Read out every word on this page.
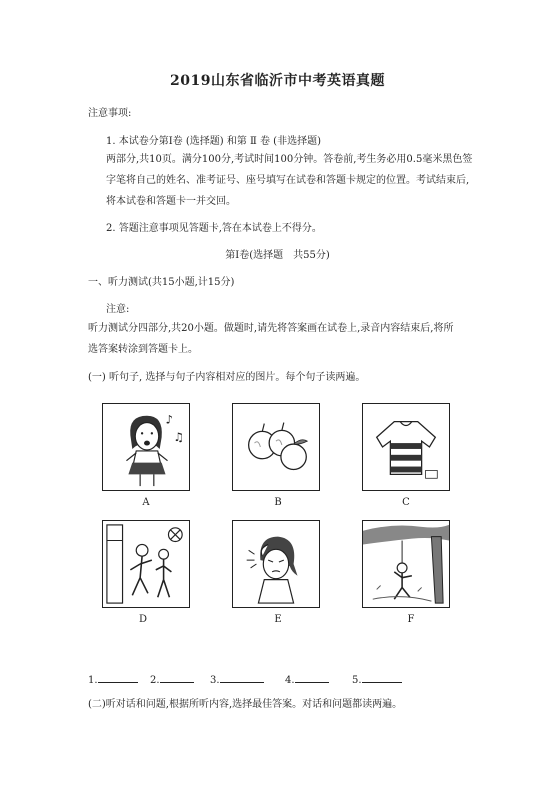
2019山东省临沂市中考英语真题
注意事项:
1. 本试卷分第Ⅰ卷 (选择题) 和第 Ⅱ 卷 (非选择题)
两部分,共10页。满分100分,考试时间100分钟。答卷前,考生务必用0.5毫米黑色签字笔将自己的姓名、准考证号、座号填写在试卷和答题卡规定的位置。考试结束后,将本试卷和答题卡一并交回。
2. 答题注意事项见答题卡,答在本试卷上不得分。
第Ⅰ卷(选择题　共55分)
一、听力测试(共15小题,计15分)
注意:
听力测试分四部分,共20小题。做题时,请先将答案画在试卷上,录音内容结束后,将所选答案转涂到答题卡上。
(一) 听句子, 选择与句子内容相对应的图片。每个句子读两遍。
♪
♫
A	B	C
D	E	F
1.	2.	3.	4.	5.
(二)听对话和问题,根据所听内容,选择最佳答案。对话和问题都读两遍。
